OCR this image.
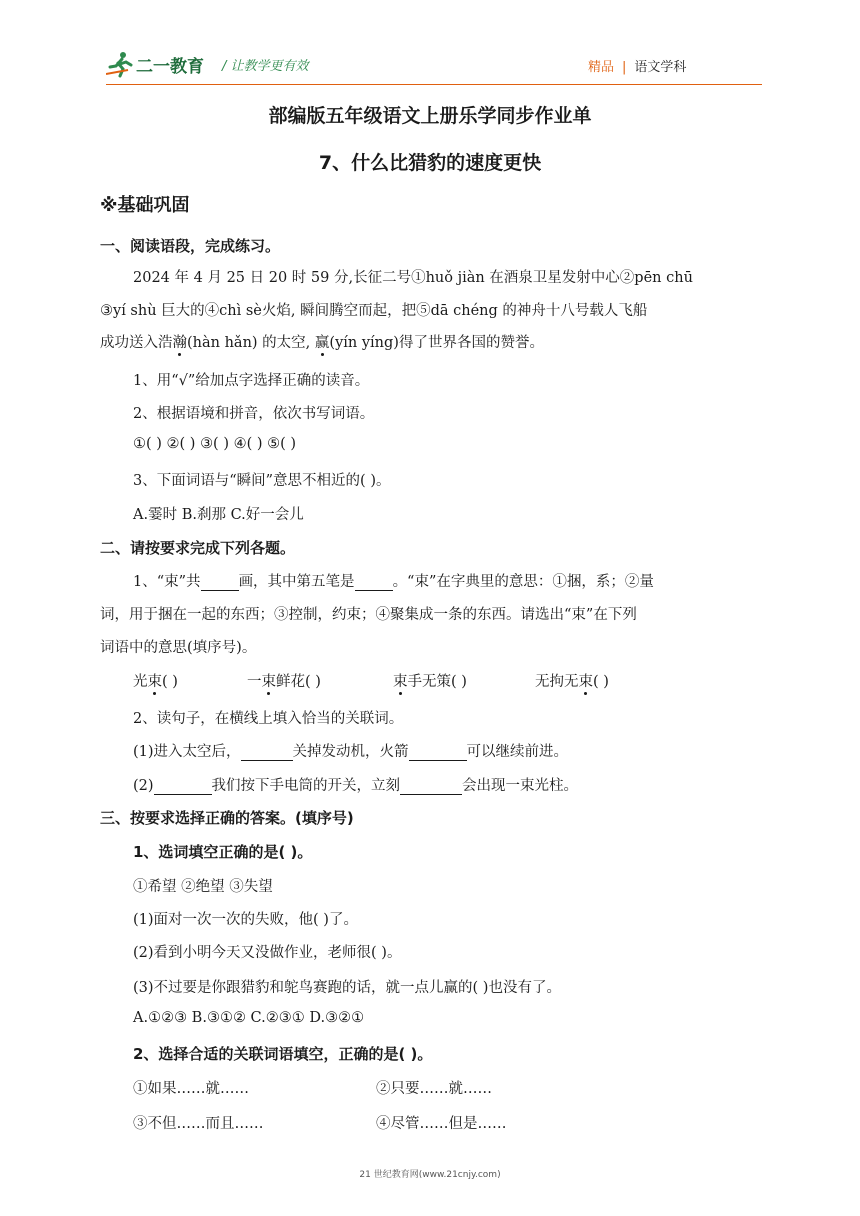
二一教育 / 让教学更有效	精品 | 语文学科
部编版五年级语文上册乐学同步作业单
7、什么比猎豹的速度更快
※基础巩固
一、阅读语段，完成练习。
2024 年 4 月 25 日 20 时 59 分,长征二号①huǒ jiàn 在酒泉卫星发射中心②pēn chū
③yí shù 巨大的④chì sè火焰, 瞬间腾空而起，把⑤dā chéng 的神舟十八号载人飞船
成功送入浩瀚(hàn hǎn) 的太空, 赢(yín yíng)得了世界各国的赞誉。
1、用“√”给加点字选择正确的读音。
2、根据语境和拼音，依次书写词语。
①( ) ②( ) ③( ) ④( ) ⑤( )
3、下面词语与“瞬间”意思不相近的( )。
A.霎时 B.刹那 C.好一会儿
二、请按要求完成下列各题。
1、“束”共	画，其中第五笔是	。“束”在字典里的意思：①捆，系；②量
词，用于捆在一起的东西；③控制，约束；④聚集成一条的东西。请选出“束”在下列
词语中的意思(填序号)。
光束( )	一束鲜花( )	束手无策( )	无拘无束( )
2、读句子，在横线上填入恰当的关联词。
(1)进入太空后，	关掉发动机，火箭	可以继续前进。
(2)	我们按下手电筒的开关，立刻	会出现一束光柱。
三、按要求选择正确的答案。(填序号)
1、选词填空正确的是( )。
①希望 ②绝望 ③失望
(1)面对一次一次的失败，他( )了。
(2)看到小明今天又没做作业，老师很( )。
(3)不过要是你跟猎豹和鸵鸟赛跑的话，就一点儿赢的( )也没有了。
A.①②③ B.③①② C.②③① D.③②①
2、选择合适的关联词语填空，正确的是( )。
①如果……就……	②只要……就……
③不但……而且……	④尽管……但是……
21 世纪教育网(www.21cnjy.com)
